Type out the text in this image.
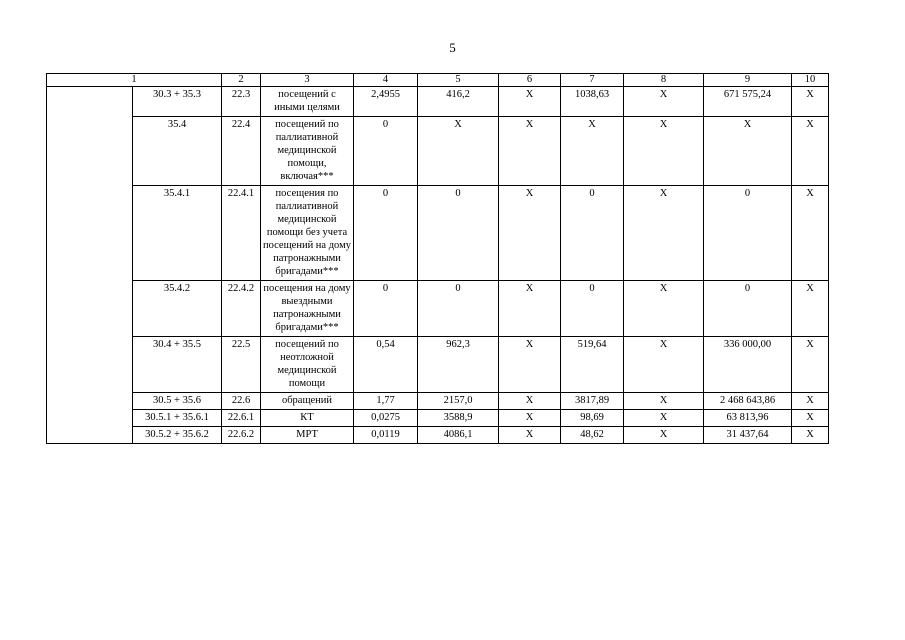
5
1		2	3	4	5	6	7	8	9	10
	30.3 + 35.3	22.3	посещений с иными целями	2,4955	416,2	Х	1038,63	Х	671 575,24	Х
	35.4	22.4	посещений по паллиативной медицинской помощи, включая***	0	Х	Х	Х	Х	Х	Х
	35.4.1	22.4.1	посещения по паллиативной медицинской помощи без учета посещений на дому патронажными бригадами***	0	0	Х	0	Х	0	Х
	35.4.2	22.4.2	посещения на дому выездными патронажными бригадами***	0	0	Х	0	Х	0	Х
	30.4 + 35.5	22.5	посещений по неотложной медицинской помощи	0,54	962,3	Х	519,64	Х	336 000,00	Х
	30.5 + 35.6	22.6	обращений	1,77	2157,0	Х	3817,89	Х	2 468 643,86	Х
	30.5.1 + 35.6.1	22.6.1	КТ	0,0275	3588,9	Х	98,69	Х	63 813,96	Х
	30.5.2 + 35.6.2	22.6.2	МРТ	0,0119	4086,1	Х	48,62	Х	31 437,64	Х
